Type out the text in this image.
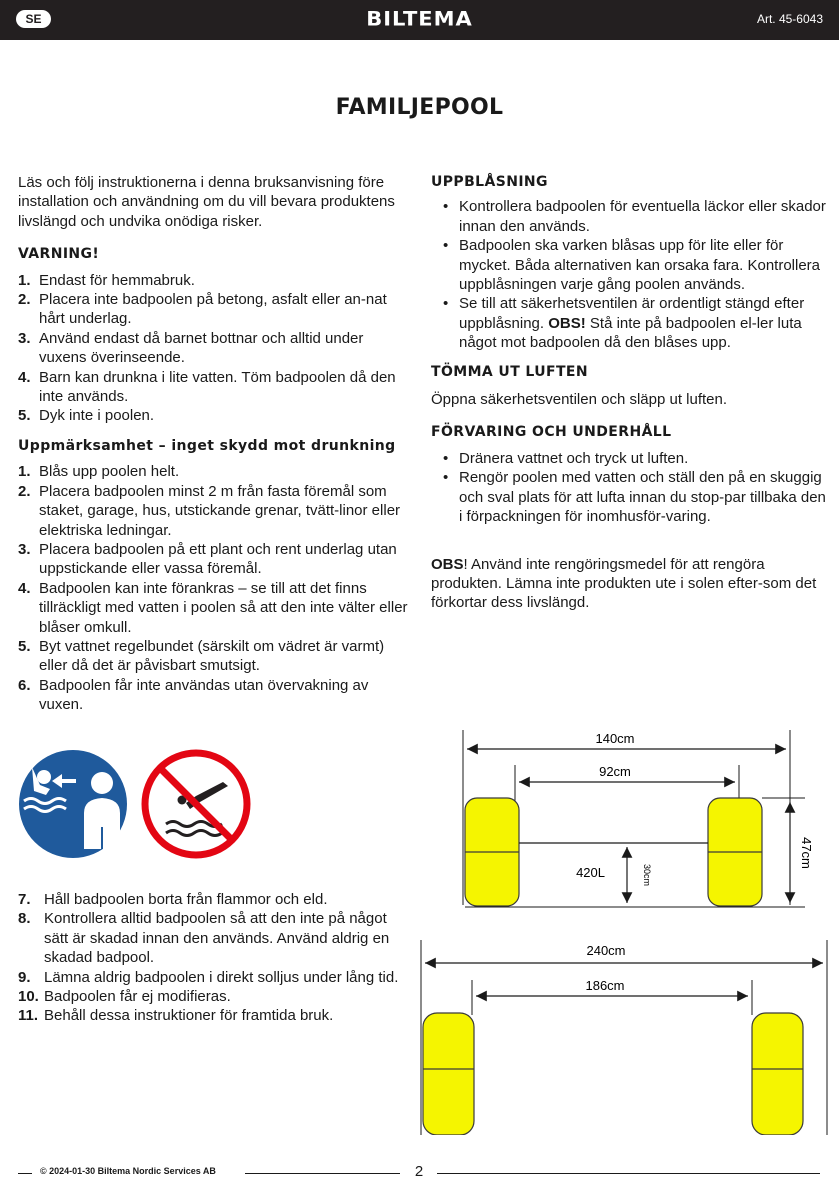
SE	BILTEMA	Art. 45-6043
FAMILJEPOOL

Läs och följ instruktionerna i denna bruksanvisning före installation och användning om du vill bevara produktens livslängd och undvika onödiga risker.

VARNING!
1. Endast för hemmabruk.
2. Placera inte badpoolen på betong, asfalt eller an-nat hårt underlag.
3. Använd endast då barnet bottnar och alltid under vuxens överinseende.
4. Barn kan drunkna i lite vatten. Töm badpoolen då den inte används.
5. Dyk inte i poolen.
Uppmärksamhet – inget skydd mot drunkning
1. Blås upp poolen helt.
2. Placera badpoolen minst 2 m från fasta föremål som staket, garage, hus, utstickande grenar, tvätt-linor eller elektriska ledningar.
3. Placera badpoolen på ett plant och rent underlag utan uppstickande eller vassa föremål.
4. Badpoolen kan inte förankras – se till att det finns tillräckligt med vatten i poolen så att den inte välter eller blåser omkull.
5. Byt vattnet regelbundet (särskilt om vädret är varmt) eller då det är påvisbart smutsigt.
6. Badpoolen får inte användas utan övervakning av vuxen.
7. Håll badpoolen borta från flammor och eld.
8. Kontrollera alltid badpoolen så att den inte på något sätt är skadad innan den används. Använd aldrig en skadad badpool.
9. Lämna aldrig badpoolen i direkt solljus under lång tid.
10. Badpoolen får ej modifieras.
11. Behåll dessa instruktioner för framtida bruk.
UPPBLÅSNING
• Kontrollera badpoolen för eventuella läckor eller skador innan den används.
• Badpoolen ska varken blåsas upp för lite eller för mycket. Båda alternativen kan orsaka fara. Kontrollera uppblåsningen varje gång poolen används.
• Se till att säkerhetsventilen är ordentligt stängd efter uppblåsning. OBS! Stå inte på badpoolen el-ler luta något mot badpoolen då den blåses upp.
TÖMMA UT LUFTEN

Öppna säkerhetsventilen och släpp ut luften.

FÖRVARING OCH UNDERHÅLL
• Dränera vattnet och tryck ut luften.
• Rengör poolen med vatten och ställ den på en skuggig och sval plats för att lufta innan du stop-par tillbaka den i förpackningen för inomhusför-varing.

OBS! Använd inte rengöringsmedel för att rengöra produkten. Lämna inte produkten ute i solen efter-som det förkortar dess livslängd.

140cm
92cm
47cm
420L	30cm
240cm
186cm
© 2024-01-30 Biltema Nordic Services AB	2
